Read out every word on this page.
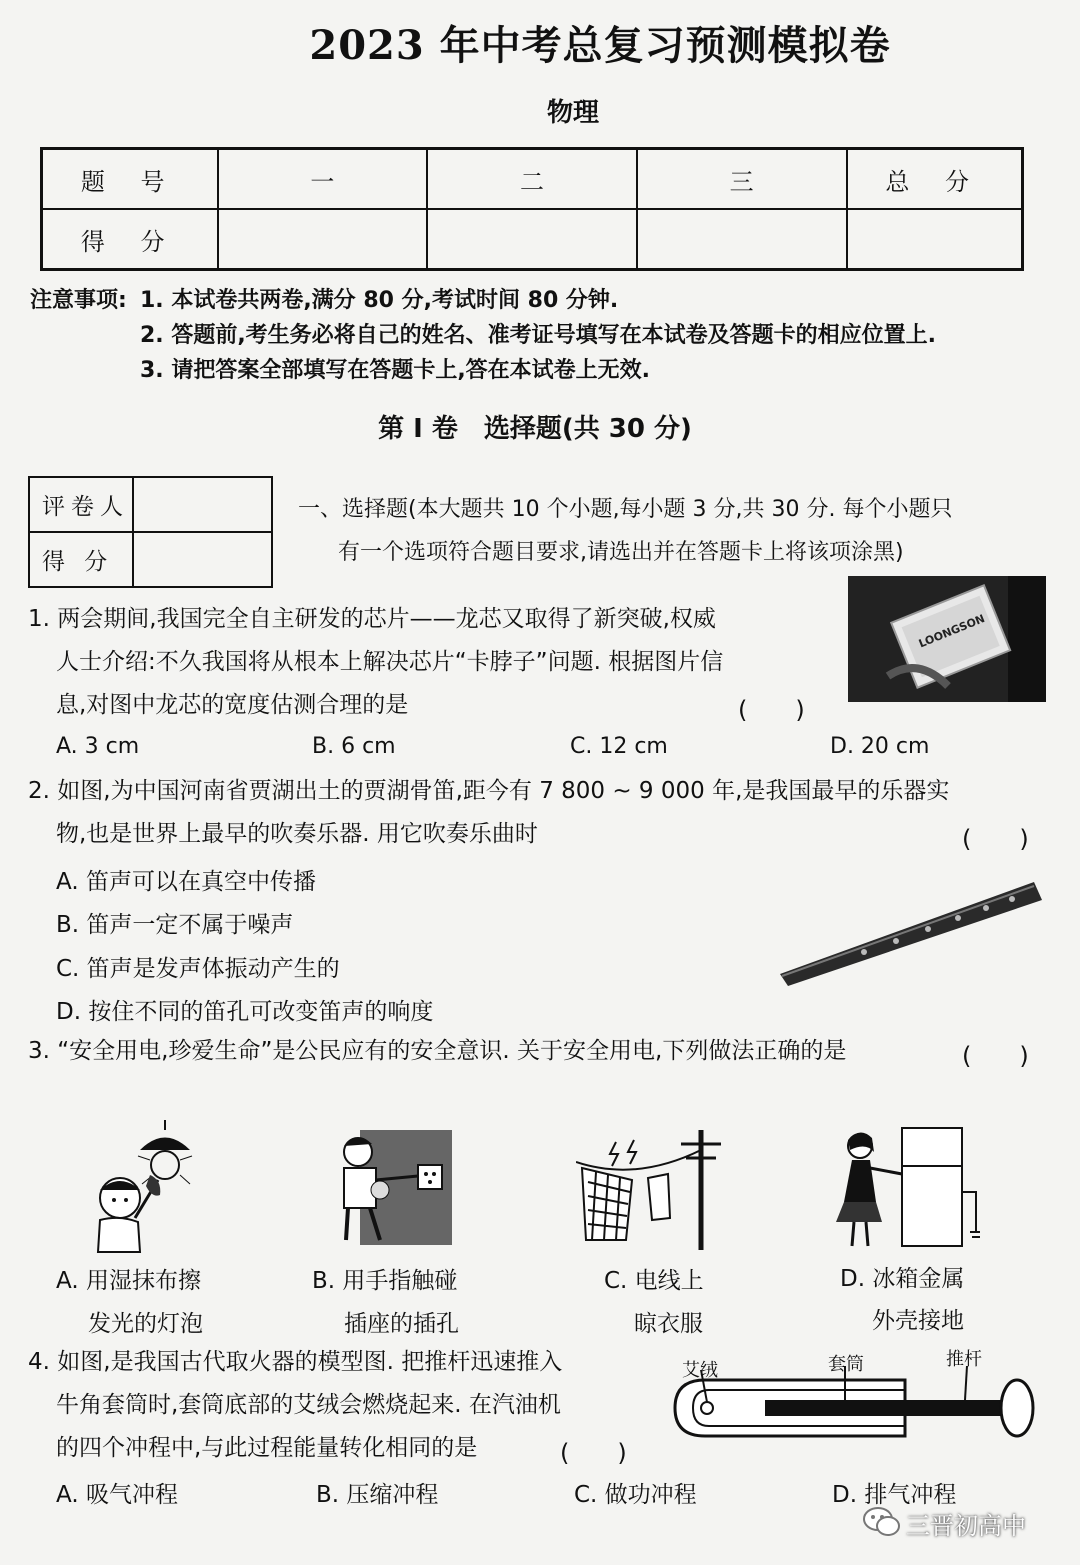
2023 年中考总复习预测模拟卷
物理
题 号	一	二	三	总 分
得 分				
注意事项: 1. 本试卷共两卷,满分 80 分,考试时间 80 分钟.
2. 答题前,考生务必将自己的姓名、准考证号填写在本试卷及答题卡的相应位置上.
3. 请把答案全部填写在答题卡上,答在本试卷上无效.
第 I 卷　选择题(共 30 分)
评卷人	
得 分	
一、选择题(本大题共 10 个小题,每小题 3 分,共 30 分. 每个小题只
有一个选项符合题目要求,请选出并在答题卡上将该项涂黑)
1. 两会期间,我国完全自主研发的芯片——龙芯又取得了新突破,权威
人士介绍:不久我国将从根本上解决芯片“卡脖子”问题. 根据图片信
息,对图中龙芯的宽度估测合理的是	(　　)
LOONGSON
A. 3 cm	B. 6 cm	C. 12 cm	D. 20 cm
2. 如图,为中国河南省贾湖出土的贾湖骨笛,距今有 7 800 ~ 9 000 年,是我国最早的乐器实
物,也是世界上最早的吹奏乐器. 用它吹奏乐曲时	(　　)
A. 笛声可以在真空中传播
B. 笛声一定不属于噪声
C. 笛声是发声体振动产生的
D. 按住不同的笛孔可改变笛声的响度
3. “安全用电,珍爱生命”是公民应有的安全意识. 关于安全用电,下列做法正确的是	(　　)
A. 用湿抹布擦
发光的灯泡
B. 用手指触碰
插座的插孔
C. 电线上
晾衣服
D. 冰箱金属
外壳接地
4. 如图,是我国古代取火器的模型图. 把推杆迅速推入
牛角套筒时,套筒底部的艾绒会燃烧起来. 在汽油机
的四个冲程中,与此过程能量转化相同的是	(　　)
艾绒	套筒	推杆
A. 吸气冲程	B. 压缩冲程	C. 做功冲程	D. 排气冲程
三晋初高中
